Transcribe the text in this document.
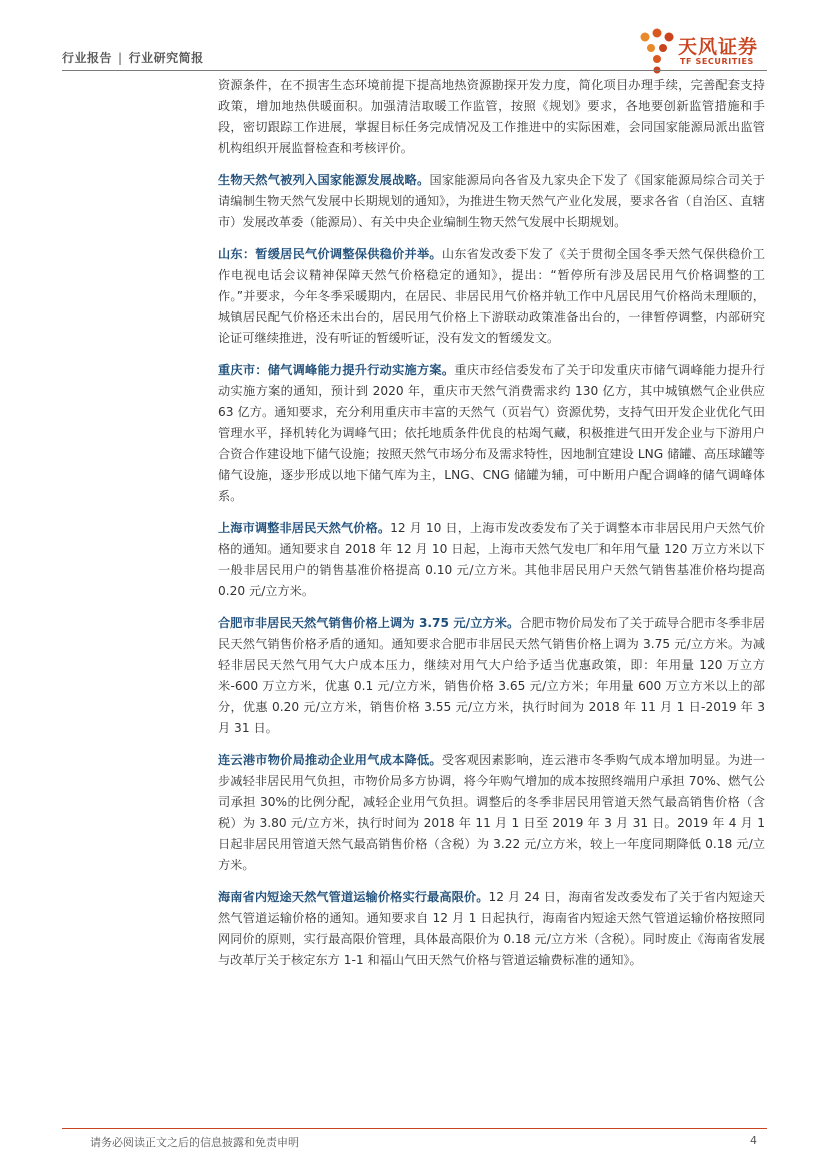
行业报告 | 行业研究简报	天风证券
TF SECURITIES

资源条件，在不损害生态环境前提下提高地热资源勘探开发力度，简化项目办理手续，完善配套支持政策，增加地热供暖面积。加强清洁取暖工作监管，按照《规划》要求，各地要创新监管措施和手段，密切跟踪工作进展，掌握目标任务完成情况及工作推进中的实际困难，会同国家能源局派出监管机构组织开展监督检查和考核评价。

生物天然气被列入国家能源发展战略。国家能源局向各省及九家央企下发了《国家能源局综合司关于请编制生物天然气发展中长期规划的通知》，为推进生物天然气产业化发展，要求各省（自治区、直辖市）发展改革委（能源局）、有关中央企业编制生物天然气发展中长期规划。

山东：暂缓居民气价调整保供稳价并举。山东省发改委下发了《关于贯彻全国冬季天然气保供稳价工作电视电话会议精神保障天然气价格稳定的通知》，提出：“暂停所有涉及居民用气价格调整的工作。”并要求，今年冬季采暖期内，在居民、非居民用气价格并轨工作中凡居民用气价格尚未理顺的，城镇居民配气价格还未出台的，居民用气价格上下游联动政策准备出台的，一律暂停调整，内部研究论证可继续推进，没有听证的暂缓听证，没有发文的暂缓发文。

重庆市：储气调峰能力提升行动实施方案。重庆市经信委发布了关于印发重庆市储气调峰能力提升行动实施方案的通知，预计到 2020 年，重庆市天然气消费需求约 130 亿方，其中城镇燃气企业供应 63 亿方。通知要求，充分利用重庆市丰富的天然气（页岩气）资源优势，支持气田开发企业优化气田管理水平，择机转化为调峰气田；依托地质条件优良的枯竭气藏，积极推进气田开发企业与下游用户合资合作建设地下储气设施；按照天然气市场分布及需求特性，因地制宜建设 LNG 储罐、高压球罐等储气设施，逐步形成以地下储气库为主，LNG、CNG 储罐为辅，可中断用户配合调峰的储气调峰体系。

上海市调整非居民天然气价格。12 月 10 日，上海市发改委发布了关于调整本市非居民用户天然气价格的通知。通知要求自 2018 年 12 月 10 日起，上海市天然气发电厂和年用气量 120 万立方米以下一般非居民用户的销售基准价格提高 0.10 元/立方米。其他非居民用户天然气销售基准价格均提高 0.20 元/立方米。

合肥市非居民天然气销售价格上调为 3.75 元/立方米。合肥市物价局发布了关于疏导合肥市冬季非居民天然气销售价格矛盾的通知。通知要求合肥市非居民天然气销售价格上调为 3.75 元/立方米。为减轻非居民天然气用气大户成本压力，继续对用气大户给予适当优惠政策，即：年用量 120 万立方米-600 万立方米，优惠 0.1 元/立方米，销售价格 3.65 元/立方米；年用量 600 万立方米以上的部分，优惠 0.20 元/立方米，销售价格 3.55 元/立方米，执行时间为 2018 年 11 月 1 日-2019 年 3 月 31 日。

连云港市物价局推动企业用气成本降低。受客观因素影响，连云港市冬季购气成本增加明显。为进一步减轻非居民用气负担，市物价局多方协调，将今年购气增加的成本按照终端用户承担 70%、燃气公司承担 30%的比例分配，减轻企业用气负担。调整后的冬季非居民用管道天然气最高销售价格（含税）为 3.80 元/立方米，执行时间为 2018 年 11 月 1 日至 2019 年 3 月 31 日。2019 年 4 月 1 日起非居民用管道天然气最高销售价格（含税）为 3.22 元/立方米，较上一年度同期降低 0.18 元/立方米。

海南省内短途天然气管道运输价格实行最高限价。12 月 24 日，海南省发改委发布了关于省内短途天然气管道运输价格的通知。通知要求自 12 月 1 日起执行，海南省内短途天然气管道运输价格按照同网同价的原则，实行最高限价管理，具体最高限价为 0.18 元/立方米（含税）。同时废止《海南省发展与改革厅关于核定东方 1-1 和福山气田天然气价格与管道运输费标准的通知》。

请务必阅读正文之后的信息披露和免责申明	4
